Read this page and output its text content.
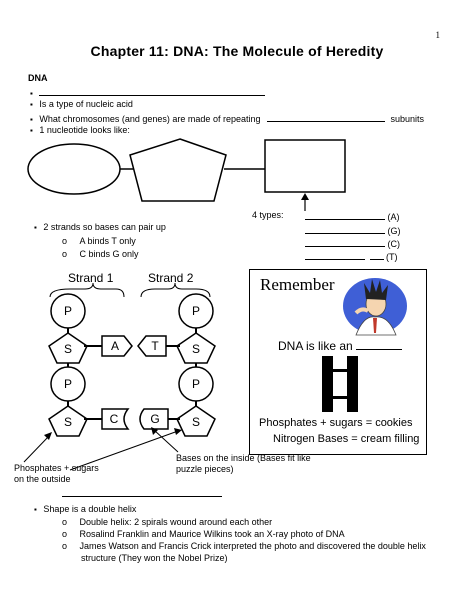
1
Chapter 11: DNA: The Molecule of Heredity
DNA
▪
▪ Is a type of nucleic acid
▪ What chromosomes (and genes) are made of repeating	subunits
▪ 1 nucleotide looks like:
4 types:	(A)
(G)
(C)
(T)
▪ 2 strands so bases can pair up
o A binds T only
o C binds G only
Strand 1	Strand 2
P	P
P	P
S	S
S	S
A	T
C	G
Phosphates + sugars
on the outside
Bases on the inside (Bases fit like
puzzle pieces)
Remember
DNA is like an
Phosphates + sugars = cookies
Nitrogen Bases = cream filling
▪ Shape is a double helix
o Double helix: 2 spirals wound around each other
o Rosalind Franklin and Maurice Wilkins took an X-ray photo of DNA
o James Watson and Francis Crick interpreted the photo and discovered the double helix
structure (They won the Nobel Prize)
